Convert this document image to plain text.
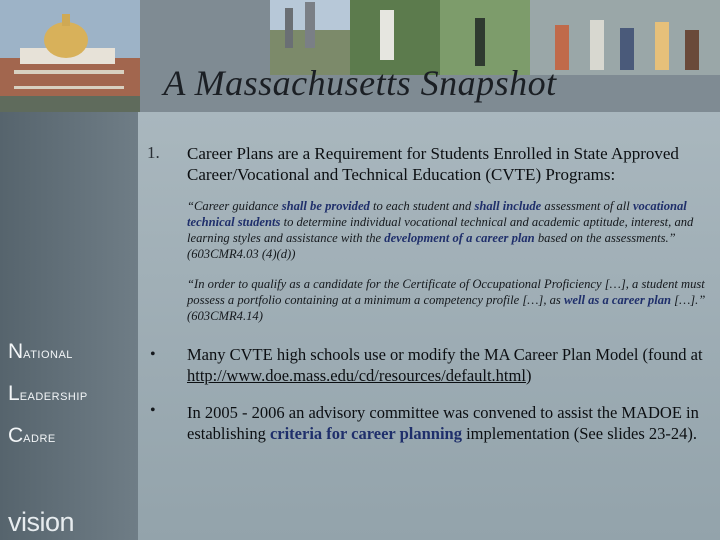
A Massachusetts Snapshot
1. Career Plans are a Requirement for Students Enrolled in State Approved Career/Vocational and Technical Education (CVTE) Programs:
“Career guidance shall be provided to each student and shall include assessment of all vocational technical students to determine individual vocational technical and academic aptitude, interest, and learning styles and assistance with the development of a career plan based on the assessments.” (603CMR4.03 (4)(d))
“In order to qualify as a candidate for the Certificate of Occupational Proficiency […], a student must possess a portfolio containing at a minimum a competency profile […], as well as a career plan […].” (603CMR4.14)
• Many CVTE high schools use or modify the MA Career Plan Model (found at http://www.doe.mass.edu/cd/resources/default.html)
• In 2005 - 2006 an advisory committee was convened to assist the MADOE in establishing criteria for career planning implementation (See slides 23-24).
NATIONAL
LEADERSHIP
CADRE
vision
